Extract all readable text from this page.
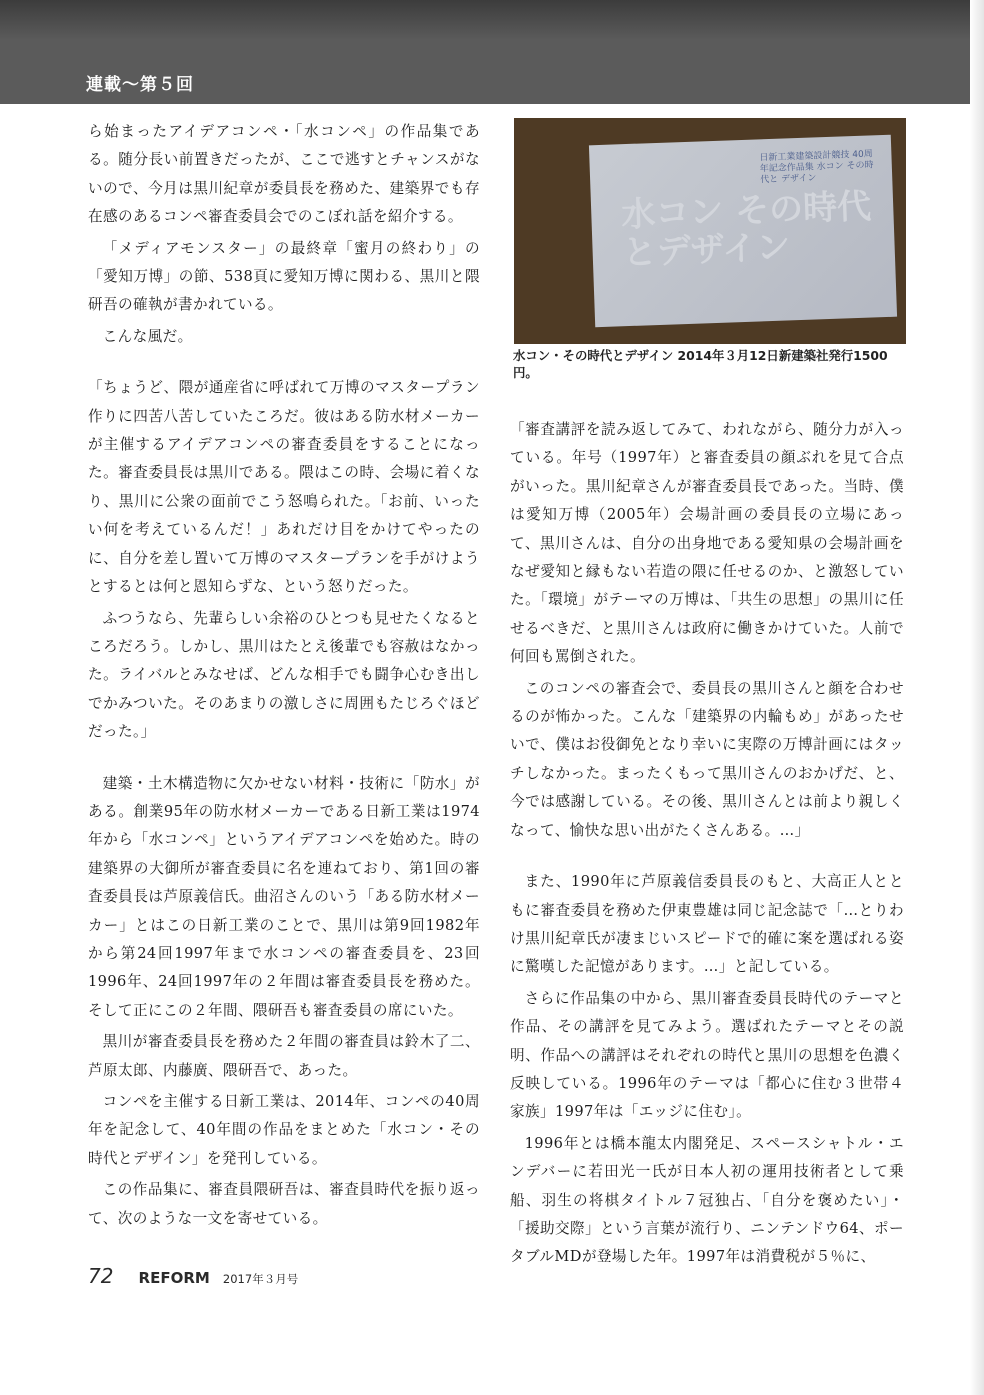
連載〜第５回

ら始まったアイデアコンペ・「水コンペ」の作品集である。随分長い前置きだったが、ここで逃すとチャンスがないので、今月は黒川紀章が委員長を務めた、建築界でも存在感のあるコンペ審査委員会でのこぼれ話を紹介する。

「メディアモンスター」の最終章「蜜月の終わり」の「愛知万博」の節、538頁に愛知万博に関わる、黒川と隈研吾の確執が書かれている。

こんな風だ。

「ちょうど、隈が通産省に呼ばれて万博のマスタープラン作りに四苦八苦していたころだ。彼はある防水材メーカーが主催するアイデアコンペの審査委員をすることになった。審査委員長は黒川である。隈はこの時、会場に着くなり、黒川に公衆の面前でこう怒鳴られた。「お前、いったい何を考えているんだ！」あれだけ目をかけてやったのに、自分を差し置いて万博のマスタープランを手がけようとするとは何と恩知らずな、という怒りだった。

ふつうなら、先輩らしい余裕のひとつも見せたくなるところだろう。しかし、黒川はたとえ後輩でも容赦はなかった。ライバルとみなせば、どんな相手でも闘争心むき出しでかみついた。そのあまりの激しさに周囲もたじろぐほどだった。」

建築・土木構造物に欠かせない材料・技術に「防水」がある。創業95年の防水材メーカーである日新工業は1974年から「水コンペ」というアイデアコンペを始めた。時の建築界の大御所が審査委員に名を連ねており、第1回の審査委員長は芦原義信氏。曲沼さんのいう「ある防水材メーカー」とはこの日新工業のことで、黒川は第9回1982年から第24回1997年まで水コンペの審査委員を、23回1996年、24回1997年の２年間は審査委員長を務めた。そして正にこの２年間、隈研吾も審査委員の席にいた。

黒川が審査委員長を務めた２年間の審査員は鈴木了二、芦原太郎、内藤廣、隈研吾で、あった。

コンペを主催する日新工業は、2014年、コンペの40周年を記念して、40年間の作品をまとめた「水コン・その時代とデザイン」を発刊している。

この作品集に、審査員隈研吾は、審査員時代を振り返って、次のような一文を寄せている。

日新工業建築設計競技 40周年記念作品集 水コン その時代と デザイン
水コン その時代とデザイン
水コン・その時代とデザイン 2014年３月12日新建築社発行1500円。

「審査講評を読み返してみて、われながら、随分力が入っている。年号（1997年）と審査委員の顔ぶれを見て合点がいった。黒川紀章さんが審査委員長であった。当時、僕は愛知万博（2005年）会場計画の委員長の立場にあって、黒川さんは、自分の出身地である愛知県の会場計画をなぜ愛知と縁もない若造の隈に任せるのか、と激怒していた。「環境」がテーマの万博は、「共生の思想」の黒川に任せるべきだ、と黒川さんは政府に働きかけていた。人前で何回も罵倒された。

このコンペの審査会で、委員長の黒川さんと顔を合わせるのが怖かった。こんな「建築界の内輪もめ」があったせいで、僕はお役御免となり幸いに実際の万博計画にはタッチしなかった。まったくもって黒川さんのおかげだ、と、今では感謝している。その後、黒川さんとは前より親しくなって、愉快な思い出がたくさんある。…」

また、1990年に芦原義信委員長のもと、大高正人とともに審査委員を務めた伊東豊雄は同じ記念誌で「…とりわけ黒川紀章氏が凄まじいスピードで的確に案を選ばれる姿に驚嘆した記憶があります。…」と記している。

さらに作品集の中から、黒川審査委員長時代のテーマと作品、その講評を見てみよう。選ばれたテーマとその説明、作品への講評はそれぞれの時代と黒川の思想を色濃く反映している。1996年のテーマは「都心に住む３世帯４家族」1997年は「エッジに住む」。

1996年とは橋本龍太内閣発足、スペースシャトル・エンデバーに若田光一氏が日本人初の運用技術者として乗船、羽生の将棋タイトル７冠独占、「自分を褒めたい」・「援助交際」という言葉が流行り、ニンテンドウ64、ポータブルMDが登場した年。1997年は消費税が５％に、

72 REFORM 2017年３月号
